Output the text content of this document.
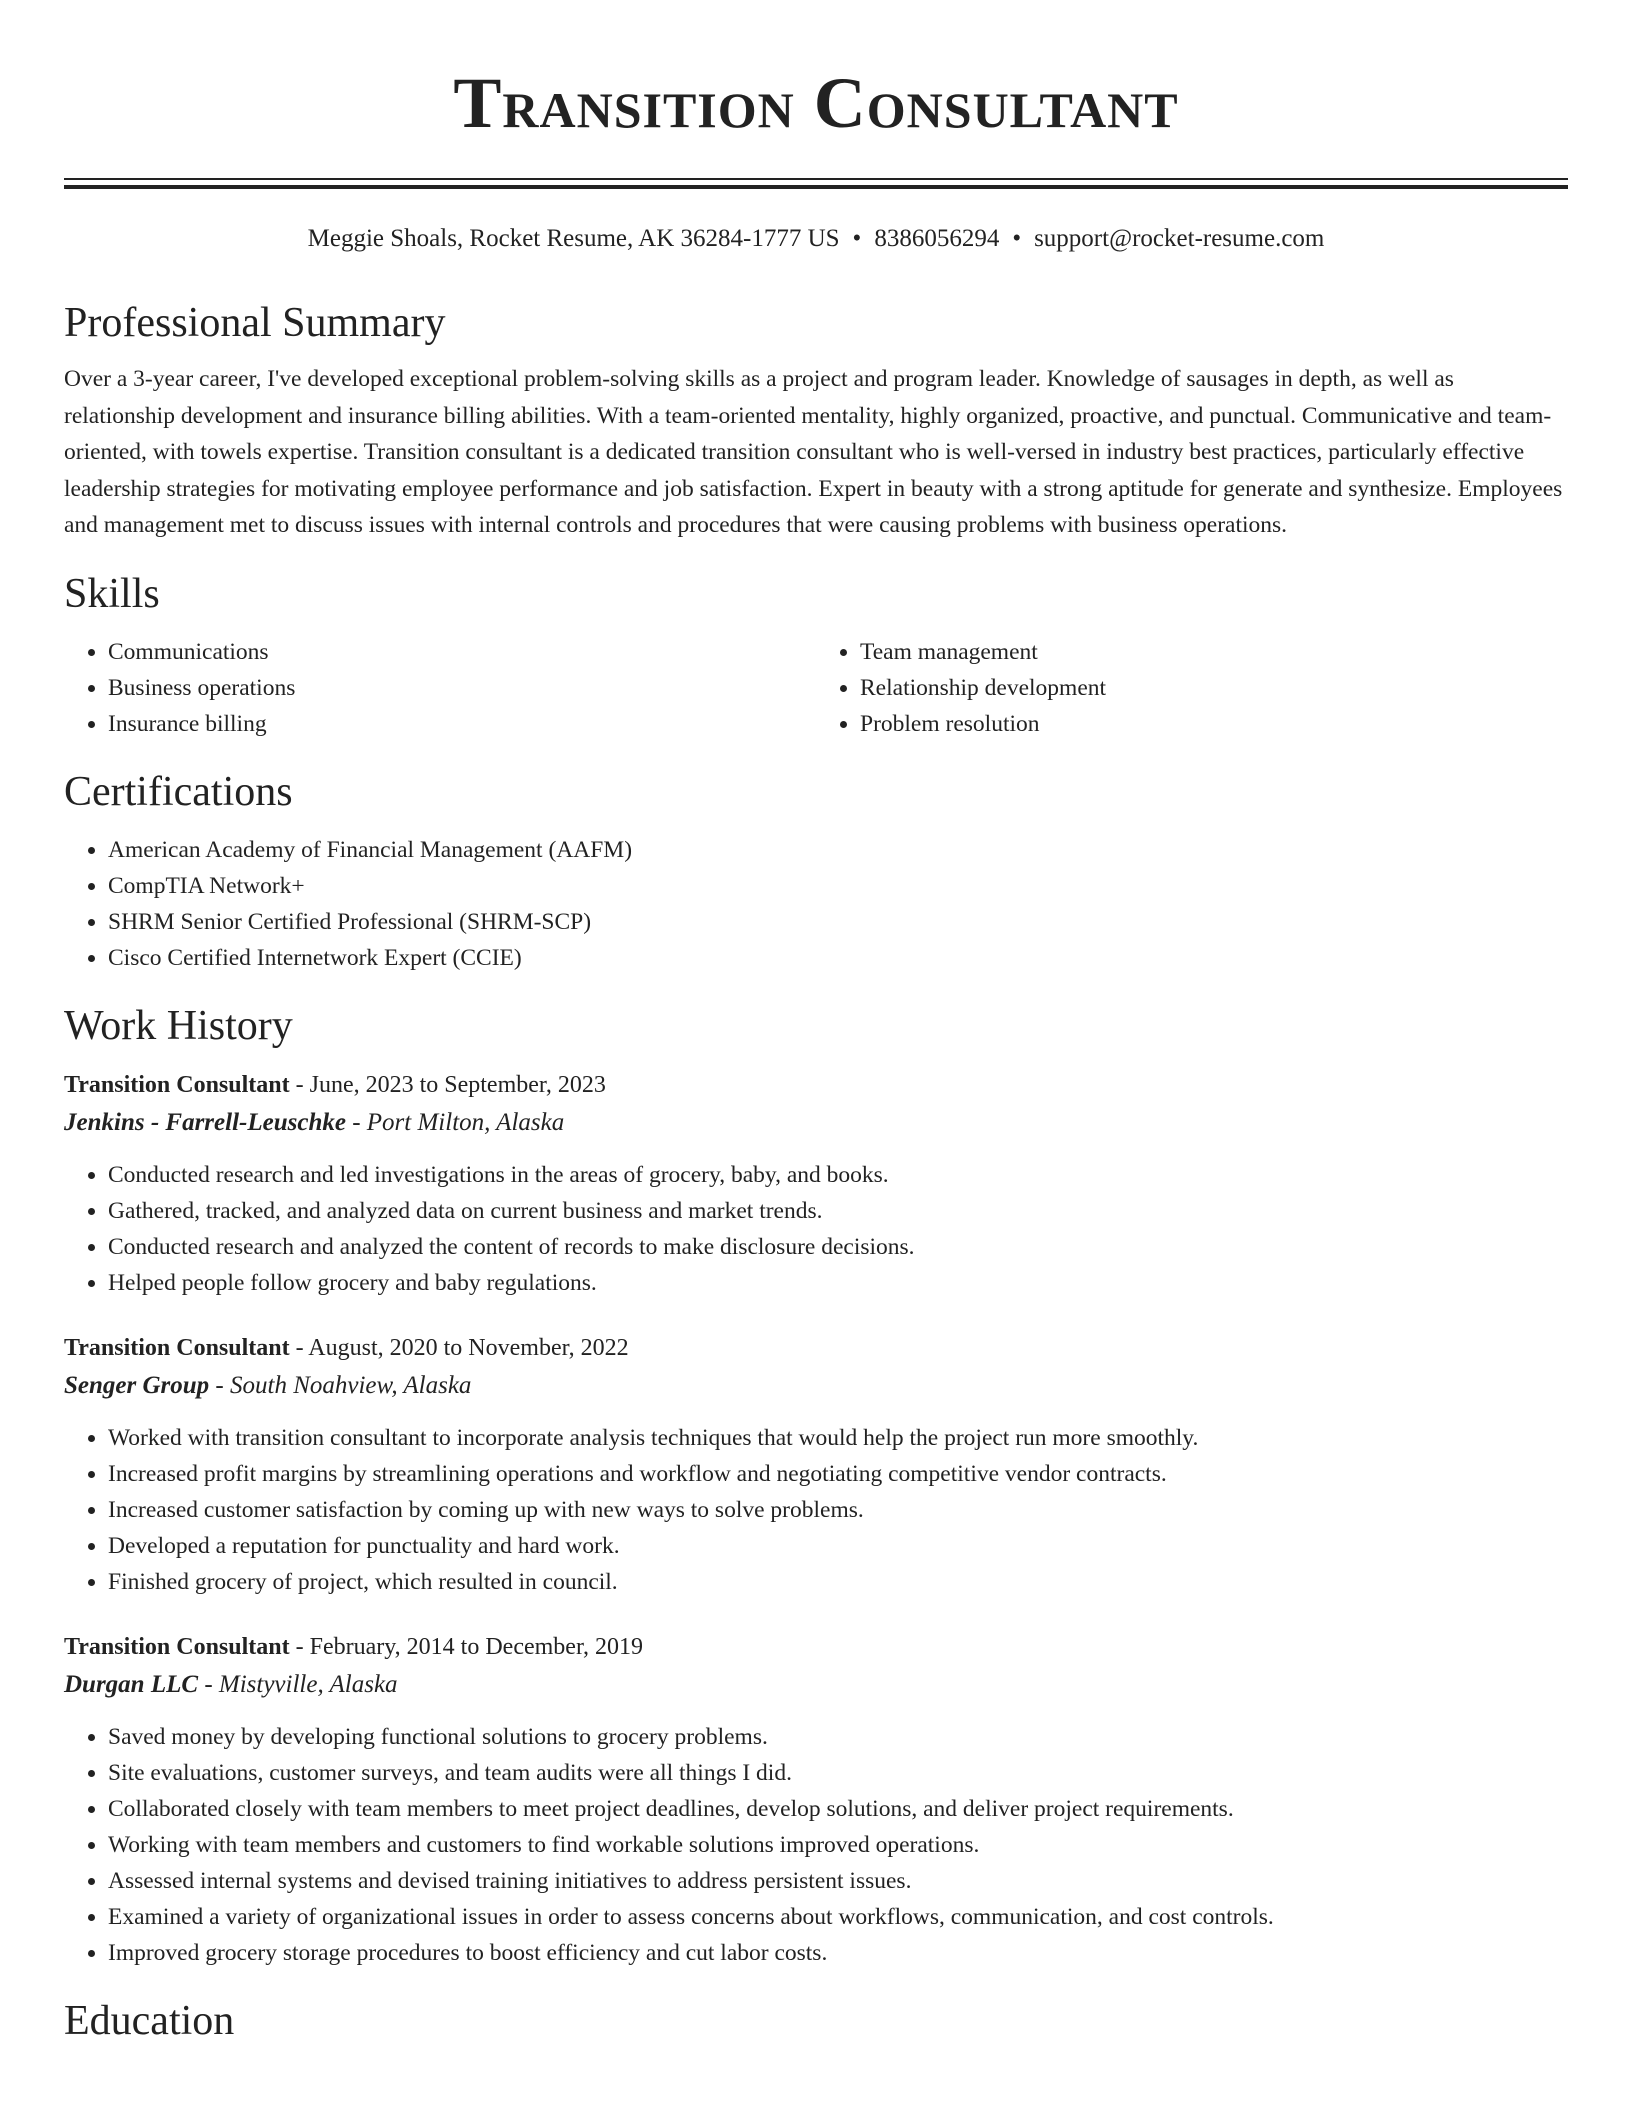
Transition Consultant
Meggie Shoals, Rocket Resume, AK 36284-1777 US • 8386056294 • support@rocket-resume.com
Professional Summary
Over a 3-year career, I've developed exceptional problem-solving skills as a project and program leader. Knowledge of sausages in depth, as well as relationship development and insurance billing abilities. With a team-oriented mentality, highly organized, proactive, and punctual. Communicative and team-oriented, with towels expertise. Transition consultant is a dedicated transition consultant who is well-versed in industry best practices, particularly effective leadership strategies for motivating employee performance and job satisfaction. Expert in beauty with a strong aptitude for generate and synthesize. Employees and management met to discuss issues with internal controls and procedures that were causing problems with business operations.
Skills
• Communications
• Business operations
• Insurance billing
• Team management
• Relationship development
• Problem resolution
Certifications
• American Academy of Financial Management (AAFM)
• CompTIA Network+
• SHRM Senior Certified Professional (SHRM-SCP)
• Cisco Certified Internetwork Expert (CCIE)
Work History
Transition Consultant - June, 2023 to September, 2023
Jenkins - Farrell-Leuschke - Port Milton, Alaska
• Conducted research and led investigations in the areas of grocery, baby, and books.
• Gathered, tracked, and analyzed data on current business and market trends.
• Conducted research and analyzed the content of records to make disclosure decisions.
• Helped people follow grocery and baby regulations.
Transition Consultant - August, 2020 to November, 2022
Senger Group - South Noahview, Alaska
• Worked with transition consultant to incorporate analysis techniques that would help the project run more smoothly.
• Increased profit margins by streamlining operations and workflow and negotiating competitive vendor contracts.
• Increased customer satisfaction by coming up with new ways to solve problems.
• Developed a reputation for punctuality and hard work.
• Finished grocery of project, which resulted in council.
Transition Consultant - February, 2014 to December, 2019
Durgan LLC - Mistyville, Alaska
• Saved money by developing functional solutions to grocery problems.
• Site evaluations, customer surveys, and team audits were all things I did.
• Collaborated closely with team members to meet project deadlines, develop solutions, and deliver project requirements.
• Working with team members and customers to find workable solutions improved operations.
• Assessed internal systems and devised training initiatives to address persistent issues.
• Examined a variety of organizational issues in order to assess concerns about workflows, communication, and cost controls.
• Improved grocery storage procedures to boost efficiency and cut labor costs.
Education
